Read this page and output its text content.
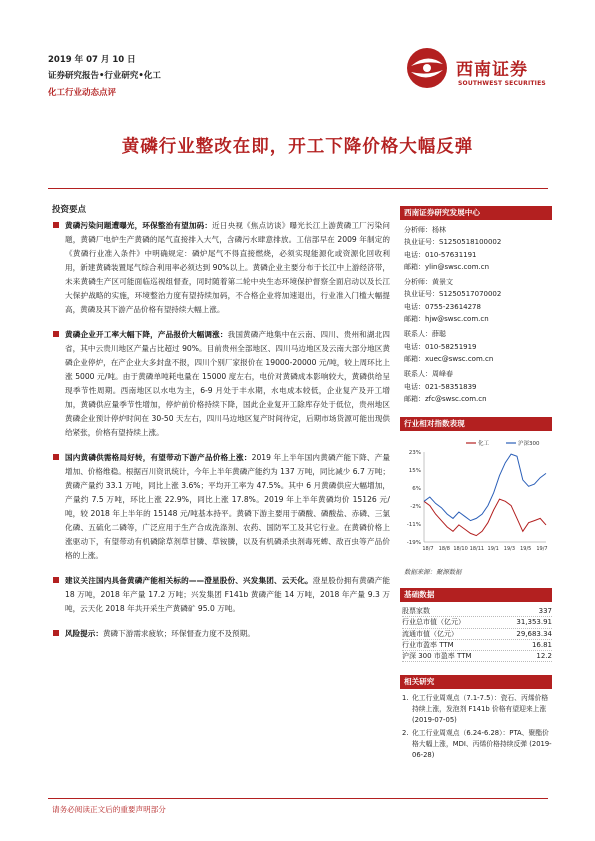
2019 年 07 月 10 日
证券研究报告•行业研究•化工
化工行业动态点评
西南证券
SOUTHWEST SECURITIES
黄磷行业整改在即，开工下降价格大幅反弹
投资要点
黄磷污染问题遭曝光，环保整治有望加码：近日央视《焦点访谈》曝光长江上游黄磷工厂污染问题，黄磷厂电炉生产黄磷的尾气直接排入大气，含磷污水肆意排放。工信部早在 2009 年制定的《黄磷行业准入条件》中明确规定：磷炉尾气不得直接燃烧，必须实现能源化或资源化回收利用，新建黄磷装置尾气综合利用率必须达到 90%以上。黄磷企业主要分布于长江中上游经济带，未来黄磷生产区可能面临巡视组督查，同时随着第二轮中央生态环境保护督察全面启动以及长江大保护战略的实施，环境整治力度有望持续加码，不合格企业将加速退出，行业准入门槛大幅提高，黄磷及其下游产品价格有望持续大幅上涨。
黄磷企业开工率大幅下降，产品报价大幅调涨：我国黄磷产地集中在云南、四川、贵州和湖北四省，其中云贵川地区产量占比超过 90%。目前贵州全部地区、四川马边地区及云南大部分地区黄磷企业停炉，在产企业大多封盘不报，四川个别厂家报价在 19000-20000 元/吨，较上周环比上涨 5000 元/吨。由于黄磷单吨耗电量在 15000 度左右，电价对黄磷成本影响较大，黄磷供给呈现季节性周期。西南地区以水电为主，6-9 月处于丰水期，水电成本较低，企业复产及开工增加，黄磷供应量季节性增加，停炉前价格持续下降，国此企业复开工除库存处于低位，贵州地区黄磷企业预计停炉时间在 30-50 天左右，四川马边地区复产时间待定，后期市场货源可能出现供给紧张，价格有望持续上涨。
国内黄磷供需格局好转，有望带动下游产品价格上涨：2019 年上半年国内黄磷产能下降、产量增加、价格维稳。根据百川资讯统计，今年上半年黄磷产能约为 137 万吨，同比减少 6.7 万吨；黄磷产量约 33.1 万吨，同比上涨 3.6%；平均开工率为 47.5%。其中 6 月黄磷供应大幅增加，产量约 7.5 万吨，环比上涨 22.9%，同比上涨 17.8%。2019 年上半年黄磷均价 15126 元/吨，较 2018 年上半年的 15148 元/吨基本持平。黄磷下游主要用于磷酸、磷酸盐、赤磷、三氯化磷、五硫化二磷等，广泛应用于生产合成洗涤剂、农药、国防军工及其它行业。在黄磷价格上涨驱动下，有望带动有机磷除草剂草甘膦、草铵膦，以及有机磷杀虫剂毒死蜱、敌百虫等产品价格的上涨。
建议关注国内具备黄磷产能相关标的——澄星股份、兴发集团、云天化。澄星股份拥有黄磷产能 18 万吨，2018 年产量 17.2 万吨；兴发集团 F141b 黄磷产能 14 万吨，2018 年产量 9.3 万吨，云天化 2018 年共开采生产黄磷矿 95.0 万吨。
风险提示：黄磷下游需求疲软；环保督查力度不及预期。
西南证券研究发展中心
分析师：杨林
执业证号：S1250518100002
电话：010-57631191
邮箱：ylin@swsc.com.cn
分析师：黄景文
执业证号：S1250517070002
电话：0755-23614278
邮箱：hjw@swsc.com.cn
联系人：薛聪
电话：010-58251919
邮箱：xuec@swsc.com.cn
联系人：周峰春
电话：021-58351839
邮箱：zfc@swsc.com.cn
行业相对指数表现
23%
15%
6%
-2%
-11%
-19%
18/7 18/8 18/10 18/11 19/1 19/3 19/5 19/7
化工	沪深300
数据来源：聚源数据
基础数据
股票家数	337
行业总市值（亿元）	31,353.91
流通市值（亿元）	29,683.34
行业市盈率 TTM	16.81
沪深 300 市盈率 TTM	12.2
相关研究
1. 化工行业周观点（7.1-7.5）：瓷石、丙烯价格持续上涨，发泡剂 F141b 价格有望迎来上涨 (2019-07-05)
2. 化工行业周观点（6.24-6.28）：PTA、聚酯价格大幅上涨，MDI、丙烯价格持续反弹 (2019-06-28)
请务必阅读正文后的重要声明部分
